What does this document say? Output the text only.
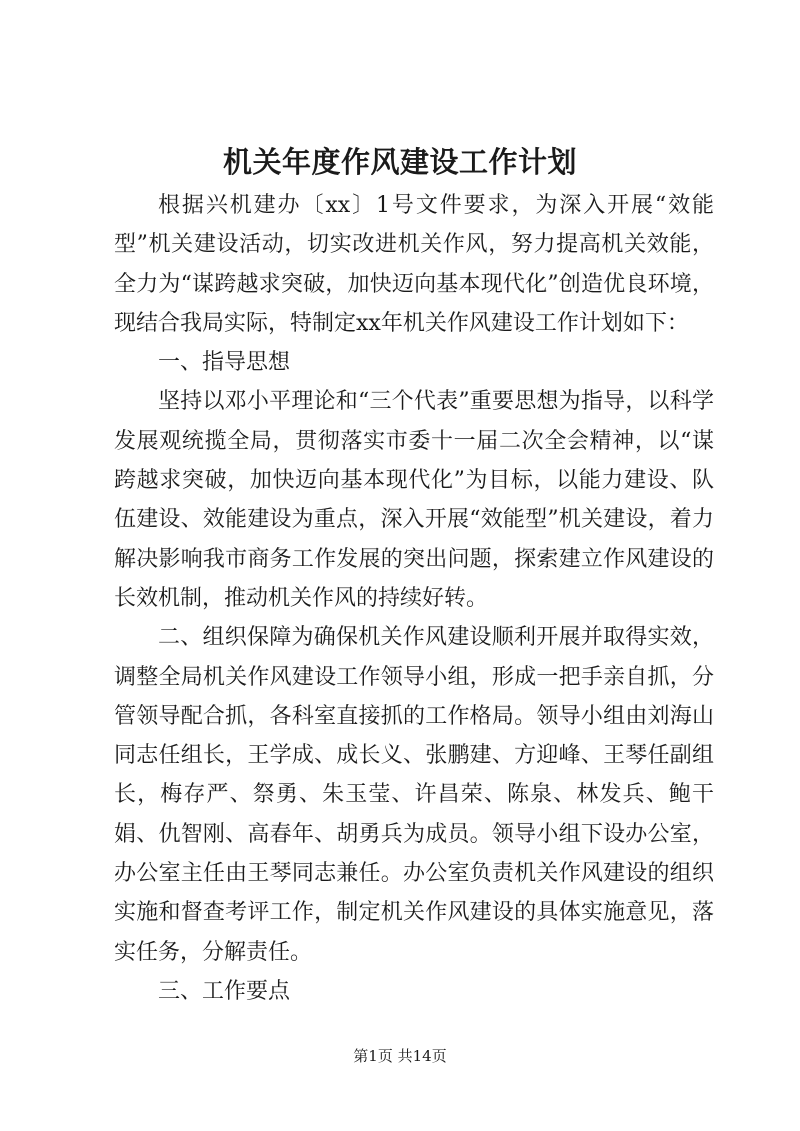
机关年度作风建设工作计划

根据兴机建办〔xx〕1号文件要求，为深入开展“效能型”机关建设活动，切实改进机关作风，努力提高机关效能，全力为“谋跨越求突破，加快迈向基本现代化”创造优良环境，现结合我局实际，特制定xx年机关作风建设工作计划如下：

一、指导思想

坚持以邓小平理论和“三个代表”重要思想为指导，以科学发展观统揽全局，贯彻落实市委十一届二次全会精神，以“谋跨越求突破，加快迈向基本现代化”为目标，以能力建设、队伍建设、效能建设为重点，深入开展“效能型”机关建设，着力解决影响我市商务工作发展的突出问题，探索建立作风建设的长效机制，推动机关作风的持续好转。

二、组织保障为确保机关作风建设顺利开展并取得实效，调整全局机关作风建设工作领导小组，形成一把手亲自抓，分管领导配合抓，各科室直接抓的工作格局。领导小组由刘海山同志任组长，王学成、成长义、张鹏建、方迎峰、王琴任副组长，梅存严、祭勇、朱玉莹、许昌荣、陈泉、林发兵、鲍干娟、仇智刚、高春年、胡勇兵为成员。领导小组下设办公室，办公室主任由王琴同志兼任。办公室负责机关作风建设的组织实施和督查考评工作，制定机关作风建设的具体实施意见，落实任务，分解责任。

三、工作要点

第1页 共14页
